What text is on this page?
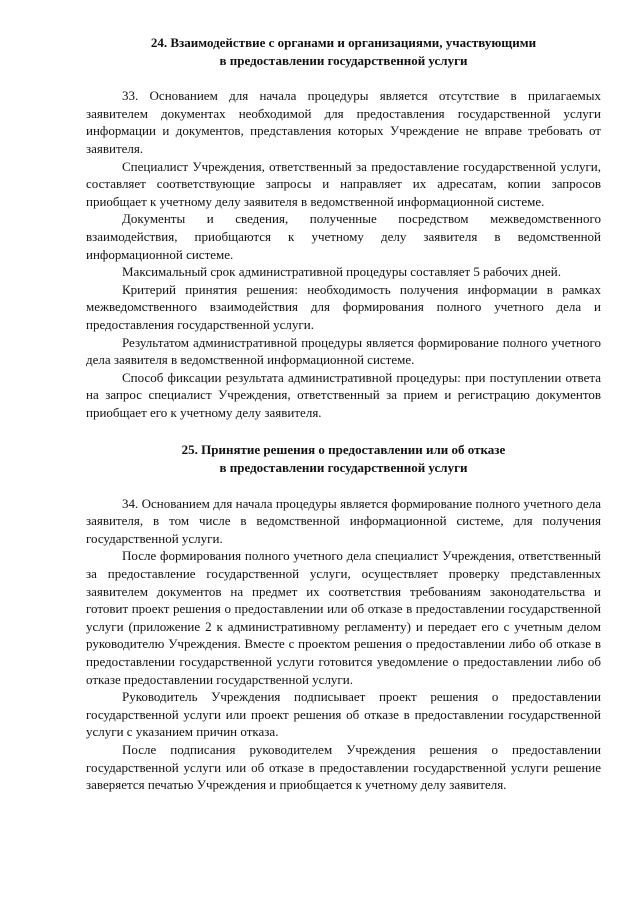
24. Взаимодействие с органами и организациями, участвующими
в предоставлении государственной услуги

33. Основанием для начала процедуры является отсутствие в прилагаемых заявителем документах необходимой для предоставления государственной услуги информации и документов, представления которых Учреждение не вправе требовать от заявителя.

Специалист Учреждения, ответственный за предоставление государственной услуги, составляет соответствующие запросы и направляет их адресатам, копии запросов приобщает к учетному делу заявителя в ведомственной информационной системе.

Документы и сведения, полученные посредством межведомственного взаимодействия, приобщаются к учетному делу заявителя в ведомственной информационной системе.

Максимальный срок административной процедуры составляет 5 рабочих дней.

Критерий принятия решения: необходимость получения информации в рамках межведомственного взаимодействия для формирования полного учетного дела и предоставления государственной услуги.

Результатом административной процедуры является формирование полного учетного дела заявителя в ведомственной информационной системе.

Способ фиксации результата административной процедуры: при поступлении ответа на запрос специалист Учреждения, ответственный за прием и регистрацию документов приобщает его к учетному делу заявителя.

25. Принятие решения о предоставлении или об отказе
в предоставлении государственной услуги

34. Основанием для начала процедуры является формирование полного учетного дела заявителя, в том числе в ведомственной информационной системе, для получения государственной услуги.

После формирования полного учетного дела специалист Учреждения, ответственный за предоставление государственной услуги, осуществляет проверку представленных заявителем документов на предмет их соответствия требованиям законодательства и готовит проект решения о предоставлении или об отказе в предоставлении государственной услуги (приложение 2 к административному регламенту) и передает его с учетным делом руководителю Учреждения. Вместе с проектом решения о предоставлении либо об отказе в предоставлении государственной услуги готовится уведомление о предоставлении либо об отказе предоставлении государственной услуги.

Руководитель Учреждения подписывает проект решения о предоставлении государственной услуги или проект решения об отказе в предоставлении государственной услуги с указанием причин отказа.

После подписания руководителем Учреждения решения о предоставлении государственной услуги или об отказе в предоставлении государственной услуги решение заверяется печатью Учреждения и приобщается к учетному делу заявителя.
